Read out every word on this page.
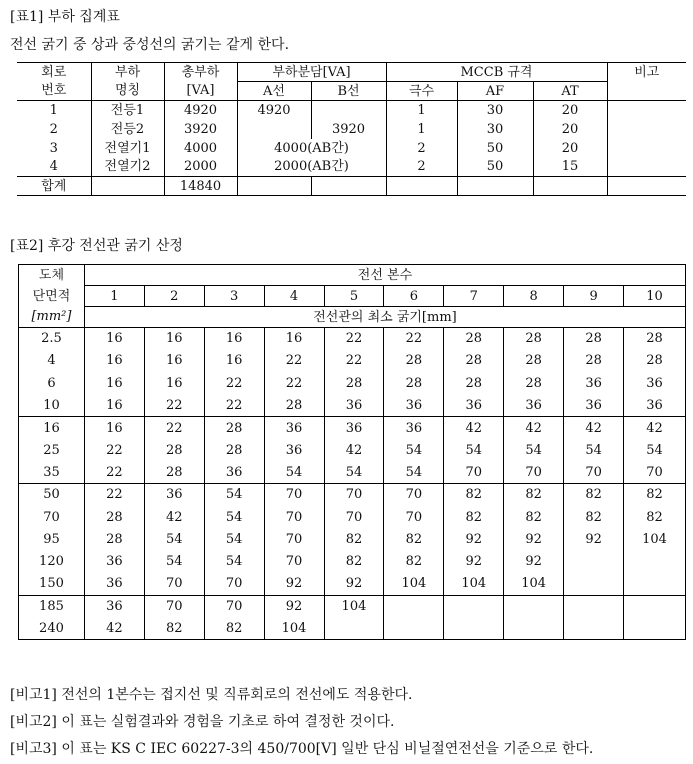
[표1] 부하 집계표
전선 굵기 중 상과 중성선의 굵기는 같게 한다.
회로	부하	총부하	부하분담[VA]		MCCB 규격			비고
번호	명칭	[VA]	A선	B선	극수	AF	AT	
1	전등1	4920	4920		1	30	20	
2	전등2	3920		3920	1	30	20	
3	전열기1	4000	4000(AB간)		2	50	20	
4	전열기2	2000	2000(AB간)		2	50	15	
합계		14840						
[표2] 후강 전선관 굵기 산정
도체	전선 본수									
단면적	1	2	3	4	5	6	7	8	9	10
[mm²]	전선관의 최소 굵기[mm]									
2.5	16	16	16	16	22	22	28	28	28	28
4	16	16	16	22	22	28	28	28	28	28
6	16	16	22	22	28	28	28	28	36	36
10	16	22	22	28	36	36	36	36	36	36
16	16	22	28	36	36	36	42	42	42	42
25	22	28	28	36	42	54	54	54	54	54
35	22	28	36	54	54	54	70	70	70	70
50	22	36	54	70	70	70	82	82	82	82
70	28	42	54	70	70	70	82	82	82	82
95	28	54	54	70	82	82	92	92	92	104
120	36	54	54	70	82	82	92	92		
150	36	70	70	92	92	104	104	104		
185	36	70	70	92	104					
240	42	82	82	104						
[비고1] 전선의 1본수는 접지선 및 직류회로의 전선에도 적용한다.
[비고2] 이 표는 실험결과와 경험을 기초로 하여 결정한 것이다.
[비고3] 이 표는 KS C IEC 60227-3의 450/700[V] 일반 단심 비닐절연전선을 기준으로 한다.
